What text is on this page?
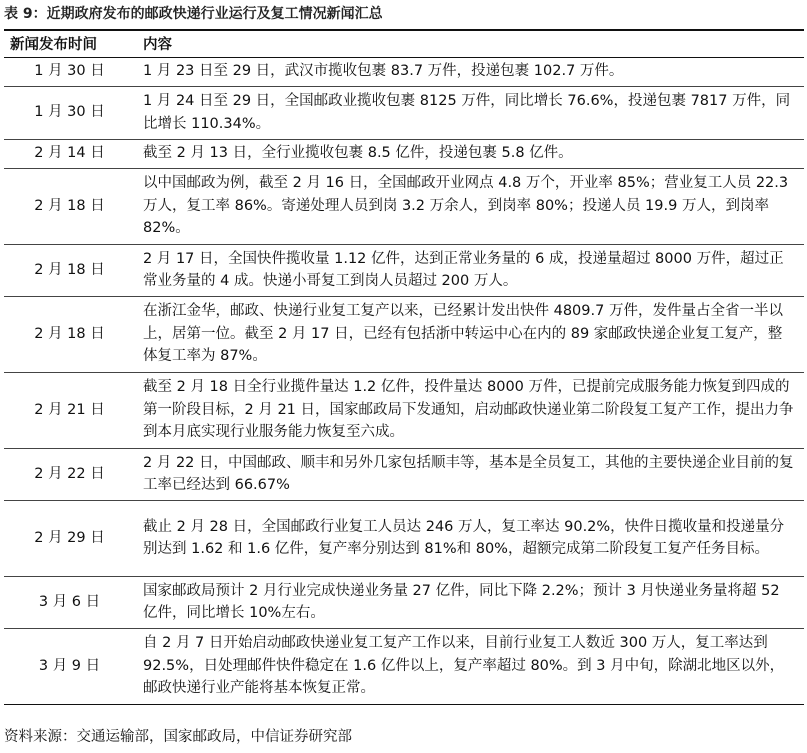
表 9：近期政府发布的邮政快递行业运行及复工情况新闻汇总
新闻发布时间	内容
1 月 30 日	1 月 23 日至 29 日，武汉市揽收包裹 83.7 万件，投递包裹 102.7 万件。
1 月 30 日	1 月 24 日至 29 日，全国邮政业揽收包裹 8125 万件，同比增长 76.6%，投递包裹 7817 万件，同比增长 110.34%。
2 月 14 日	截至 2 月 13 日，全行业揽收包裹 8.5 亿件，投递包裹 5.8 亿件。
2 月 18 日	以中国邮政为例，截至 2 月 16 日，全国邮政开业网点 4.8 万个，开业率 85%；营业复工人员 22.3 万人，复工率 86%。寄递处理人员到岗 3.2 万余人，到岗率 80%；投递人员 19.9 万人，到岗率 82%。
2 月 18 日	2 月 17 日，全国快件揽收量 1.12 亿件，达到正常业务量的 6 成，投递量超过 8000 万件，超过正常业务量的 4 成。快递小哥复工到岗人员超过 200 万人。
2 月 18 日	在浙江金华，邮政、快递行业复工复产以来，已经累计发出快件 4809.7 万件，发件量占全省一半以上，居第一位。截至 2 月 17 日，已经有包括浙中转运中心在内的 89 家邮政快递企业复工复产，整体复工率为 87%。
2 月 21 日	截至 2 月 18 日全行业揽件量达 1.2 亿件，投件量达 8000 万件，已提前完成服务能力恢复到四成的第一阶段目标，2 月 21 日，国家邮政局下发通知，启动邮政快递业第二阶段复工复产工作，提出力争到本月底实现行业服务能力恢复至六成。
2 月 22 日	2 月 22 日，中国邮政、顺丰和另外几家包括顺丰等，基本是全员复工，其他的主要快递企业目前的复工率已经达到 66.67%
2 月 29 日	截止 2 月 28 日，全国邮政行业复工人员达 246 万人，复工率达 90.2%，快件日揽收量和投递量分别达到 1.62 和 1.6 亿件，复产率分别达到 81%和 80%，超额完成第二阶段复工复产任务目标。
3 月 6 日	国家邮政局预计 2 月行业完成快递业务量 27 亿件，同比下降 2.2%；预计 3 月快递业务量将超 52 亿件，同比增长 10%左右。
3 月 9 日	自 2 月 7 日开始启动邮政快递业复工复产工作以来，目前行业复工人数近 300 万人，复工率达到 92.5%，日处理邮件快件稳定在 1.6 亿件以上，复产率超过 80%。到 3 月中旬，除湖北地区以外，邮政快递行业产能将基本恢复正常。
资料来源：交通运输部，国家邮政局，中信证券研究部
